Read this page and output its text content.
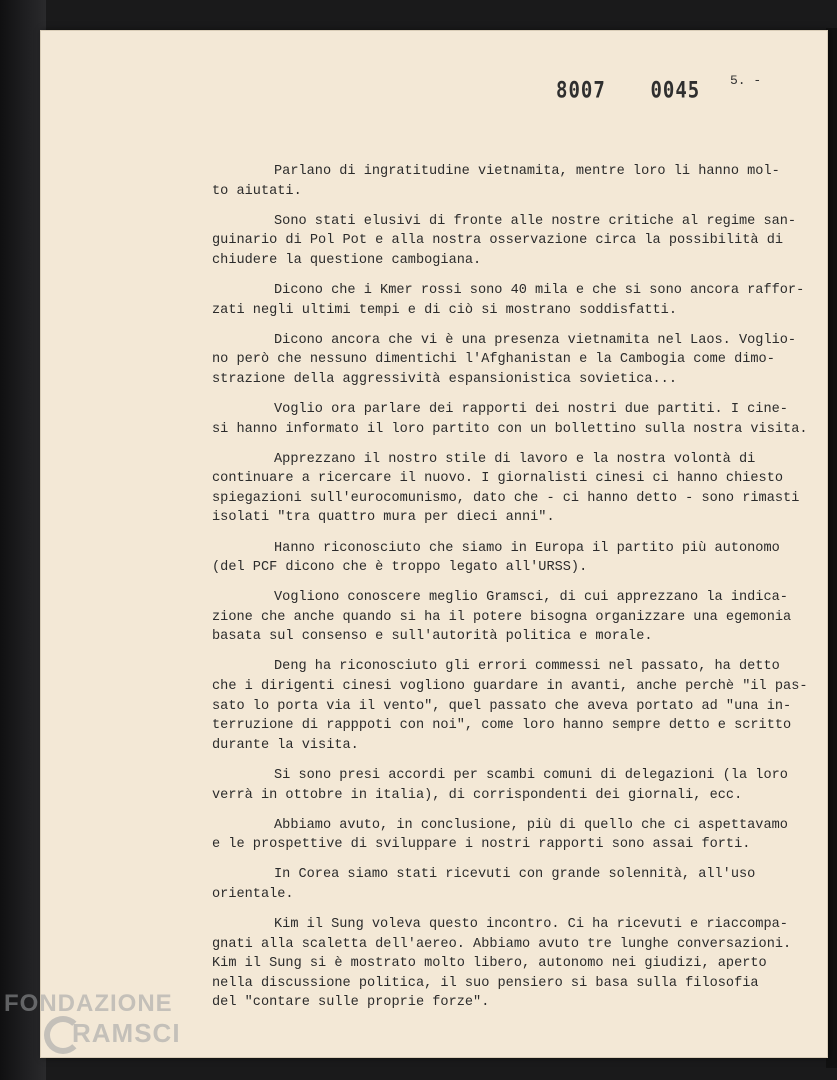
8007 0045 5. -
Parlano di ingratitudine vietnamita, mentre loro li hanno mol-
to aiutati.
Sono stati elusivi di fronte alle nostre critiche al regime san-
guinario di Pol Pot e alla nostra osservazione circa la possibilità di
chiudere la questione cambogiana.
Dicono che i Kmer rossi sono 40 mila e che si sono ancora raffor-
zati negli ultimi tempi e di ciò si mostrano soddisfatti.
Dicono ancora che vi è una presenza vietnamita nel Laos. Voglio-
no però che nessuno dimentichi l'Afghanistan e la Cambogia come dimo-
strazione della aggressività espansionistica sovietica...
Voglio ora parlare dei rapporti dei nostri due partiti. I cine-
si hanno informato il loro partito con un bollettino sulla nostra visita.
Apprezzano il nostro stile di lavoro e la nostra volontà di
continuare a ricercare il nuovo. I giornalisti cinesi ci hanno chiesto
spiegazioni sull'eurocomunismo, dato che - ci hanno detto - sono rimasti
isolati "tra quattro mura per dieci anni".
Hanno riconosciuto che siamo in Europa il partito più autonomo
(del PCF dicono che è troppo legato all'URSS).
Vogliono conoscere meglio Gramsci, di cui apprezzano la indica-
zione che anche quando si ha il potere bisogna organizzare una egemonia
basata sul consenso e sull'autorità politica e morale.
Deng ha riconosciuto gli errori commessi nel passato, ha detto
che i dirigenti cinesi vogliono guardare in avanti, anche perchè "il pas-
sato lo porta via il vento", quel passato che aveva portato ad "una in-
terruzione di rapppoti con noi", come loro hanno sempre detto e scritto
durante la visita.
Si sono presi accordi per scambi comuni di delegazioni (la loro
verrà in ottobre in italia), di corrispondenti dei giornali, ecc.
Abbiamo avuto, in conclusione, più di quello che ci aspettavamo
e le prospettive di sviluppare i nostri rapporti sono assai forti.
In Corea siamo stati ricevuti con grande solennità, all'uso
orientale.
Kim il Sung voleva questo incontro. Ci ha ricevuti e riaccompa-
gnati alla scaletta dell'aereo. Abbiamo avuto tre lunghe conversazioni.
Kim il Sung si è mostrato molto libero, autonomo nei giudizi, aperto
nella discussione politica, il suo pensiero si basa sulla filosofia
del "contare sulle proprie forze".
FONDAZIONE
RAMSCI
